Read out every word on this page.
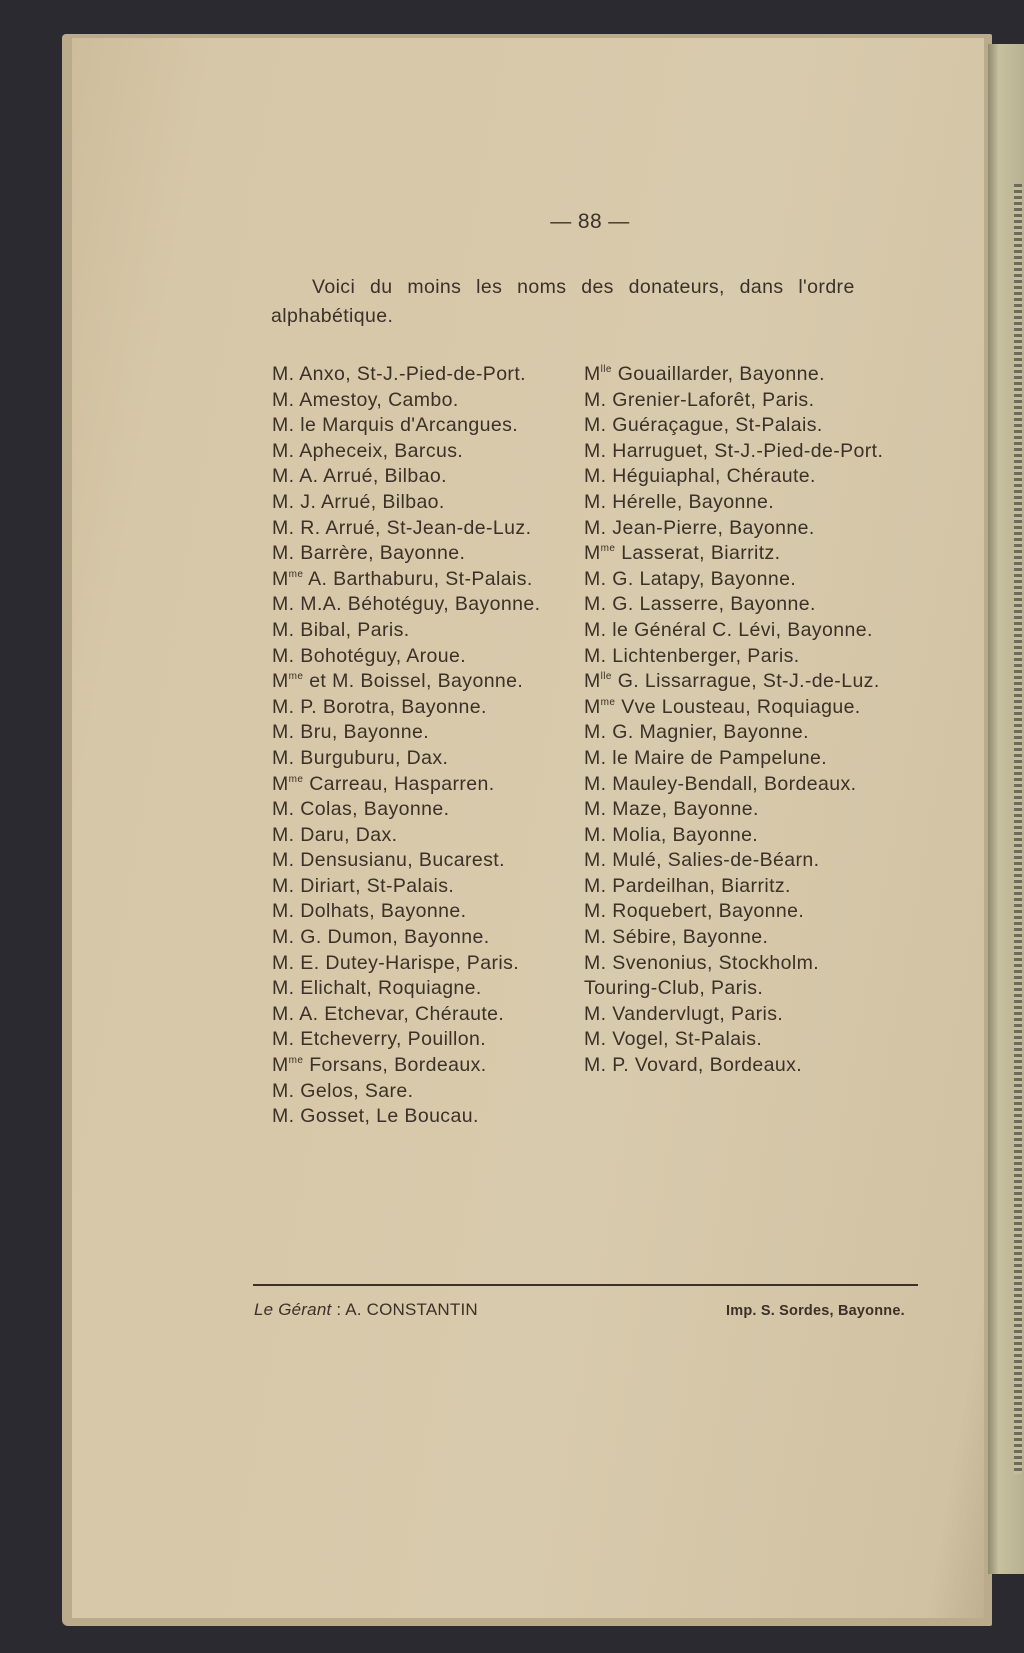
— 88 —
Voici du moins les noms des donateurs, dans l'ordre
alphabétique.
M. Anxo, St-J.-Pied-de-Port.
M. Amestoy, Cambo.
M. le Marquis d'Arcangues.
M. Apheceix, Barcus.
M. A. Arrué, Bilbao.
M. J. Arrué, Bilbao.
M. R. Arrué, St-Jean-de-Luz.
M. Barrère, Bayonne.
$M^{me}$ A. Barthaburu, St-Palais.
M. M.A. Béhotéguy, Bayonne.
M. Bibal, Paris.
M. Bohotéguy, Aroue.
$M^{me}$ et M. Boissel, Bayonne.
M. P. Borotra, Bayonne.
M. Bru, Bayonne.
M. Burguburu, Dax.
$M^{me}$ Carreau, Hasparren.
M. Colas, Bayonne.
M. Daru, Dax.
M. Densusianu, Bucarest.
M. Diriart, St-Palais.
M. Dolhats, Bayonne.
M. G. Dumon, Bayonne.
M. E. Dutey-Harispe, Paris.
M. Elichalt, Roquiagne.
M. A. Etchevar, Chéraute.
M. Etcheverry, Pouillon.
$M^{me}$ Forsans, Bordeaux.
M. Gelos, Sare.
M. Gosset, Le Boucau.
$M^{lle}$ Gouaillarder, Bayonne.
M. Grenier-Laforêt, Paris.
M. Guéraçague, St-Palais.
M. Harruguet, St-J.-Pied-de-Port.
M. Héguiaphal, Chéraute.
M. Hérelle, Bayonne.
M. Jean-Pierre, Bayonne.
$M^{me}$ Lasserat, Biarritz.
M. G. Latapy, Bayonne.
M. G. Lasserre, Bayonne.
M. le Général C. Lévi, Bayonne.
M. Lichtenberger, Paris.
$M^{lle}$ G. Lissarrague, St-J.-de-Luz.
$M^{me}$ Vve Lousteau, Roquiague.
M. G. Magnier, Bayonne.
M. le Maire de Pampelune.
M. Mauley-Bendall, Bordeaux.
M. Maze, Bayonne.
M. Molia, Bayonne.
M. Mulé, Salies-de-Béarn.
M. Pardeilhan, Biarritz.
M. Roquebert, Bayonne.
M. Sébire, Bayonne.
M. Svenonius, Stockholm.
Touring-Club, Paris.
M. Vandervlugt, Paris.
M. Vogel, St-Palais.
M. P. Vovard, Bordeaux.
Le Gérant : A. CONSTANTIN	Imp. S. Sordes, Bayonne.
